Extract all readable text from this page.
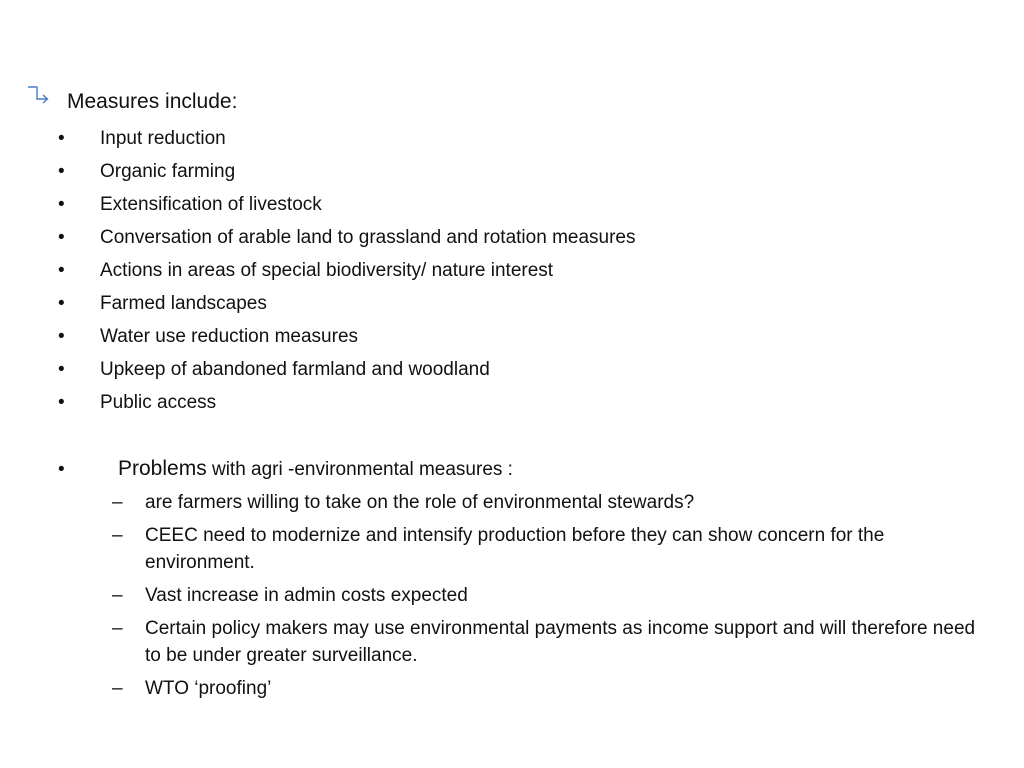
Measures include:
•	Input reduction
•	Organic farming
•	Extensification of livestock
•	Conversation of arable land to grassland and rotation measures
•	Actions in areas of special biodiversity/ nature interest
•	Farmed landscapes
•	Water use reduction measures
•	Upkeep of abandoned farmland and woodland
•	Public access
•	Problems with agri -environmental measures :
– are farmers willing to take on the role of environmental stewards?
– CEEC need to modernize and intensify production before they can show concern for the environment.
– Vast increase in admin costs expected
– Certain policy makers may use environmental payments as income support and will therefore need to be under greater surveillance.
– WTO ‘proofing’
